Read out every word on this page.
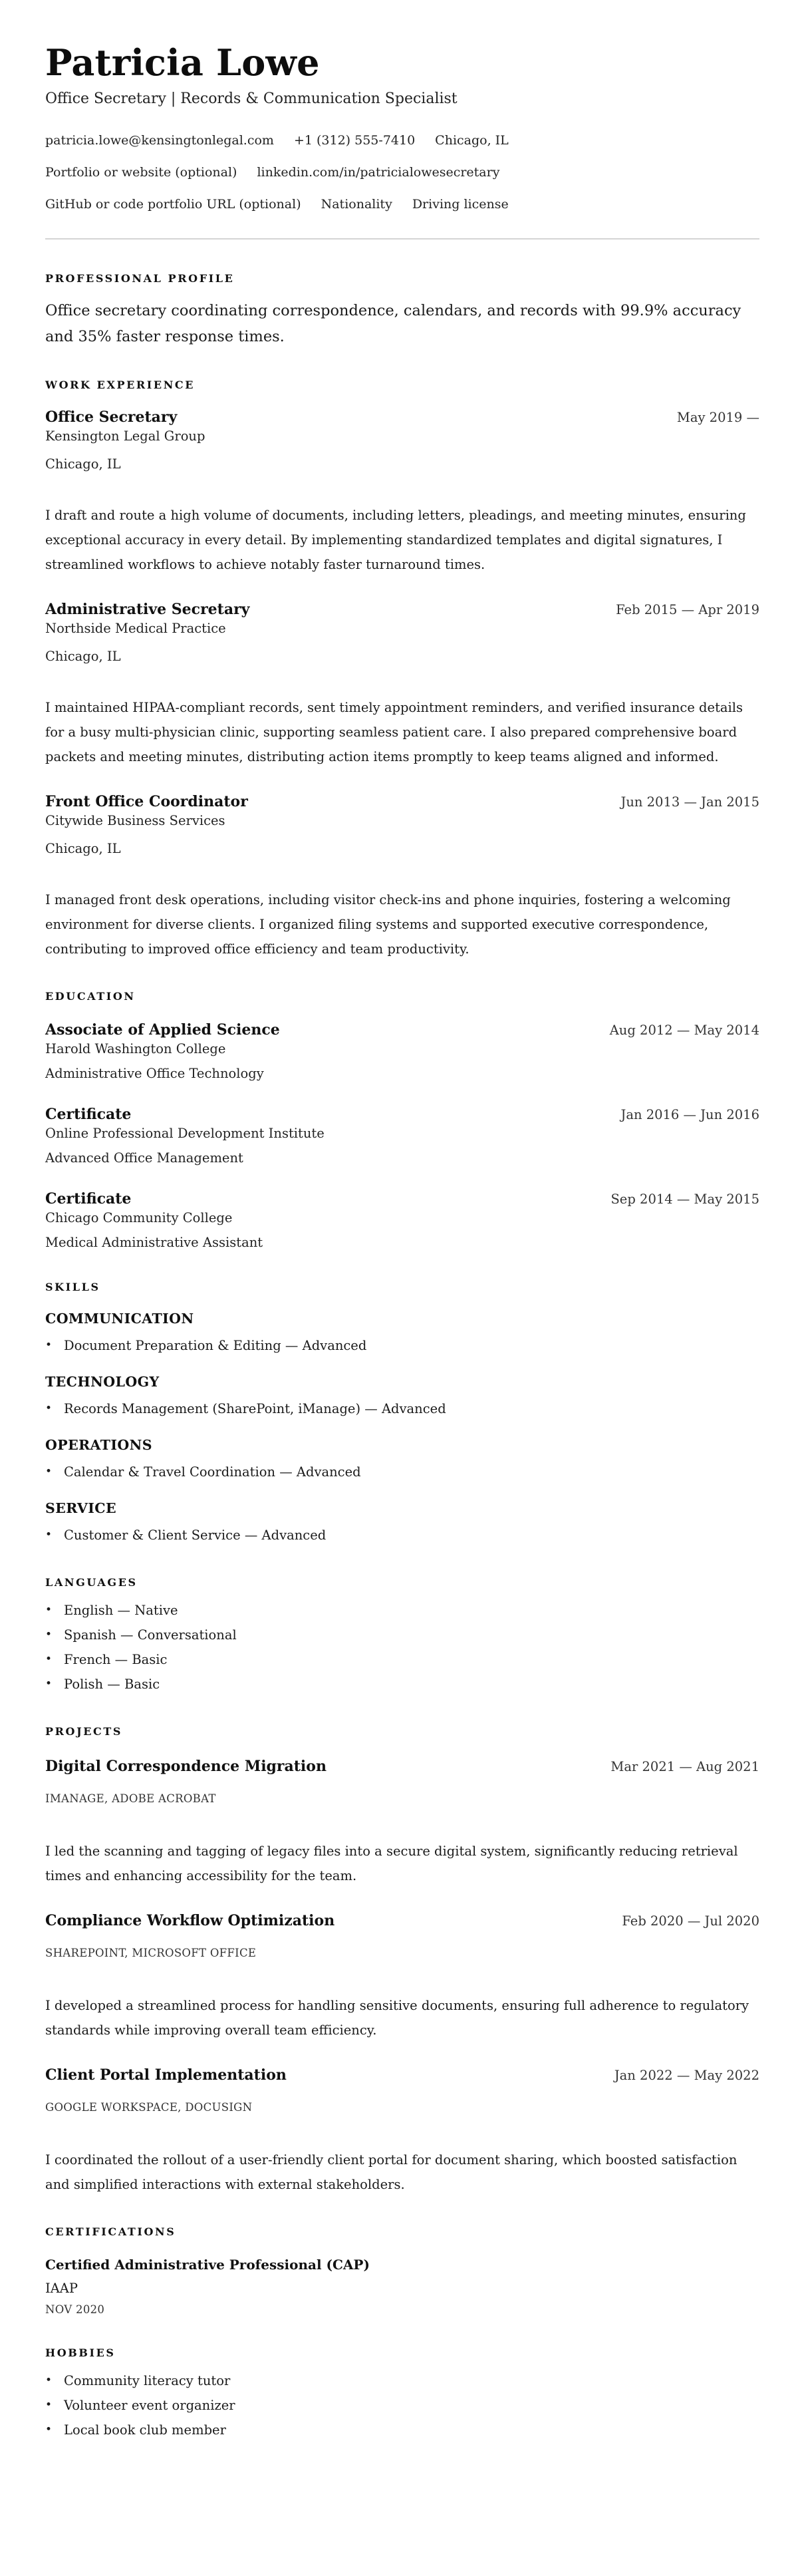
Patricia Lowe
Office Secretary | Records & Communication Specialist
patricia.lowe@kensingtonlegal.com +1 (312) 555-7410 Chicago, IL
Portfolio or website (optional) linkedin.com/in/patricialowesecretary
GitHub or code portfolio URL (optional) Nationality Driving license
PROFESSIONAL PROFILE

Office secretary coordinating correspondence, calendars, and records with 99.9% accuracy and 35% faster response times.

WORK EXPERIENCE
Office Secretary	May 2019 —
Kensington Legal Group
Chicago, IL

I draft and route a high volume of documents, including letters, pleadings, and meeting minutes, ensuring exceptional accuracy in every detail. By implementing standardized templates and digital signatures, I streamlined workflows to achieve notably faster turnaround times.

Administrative Secretary	Feb 2015 — Apr 2019
Northside Medical Practice
Chicago, IL

I maintained HIPAA-compliant records, sent timely appointment reminders, and verified insurance details for a busy multi-physician clinic, supporting seamless patient care. I also prepared comprehensive board packets and meeting minutes, distributing action items promptly to keep teams aligned and informed.

Front Office Coordinator	Jun 2013 — Jan 2015
Citywide Business Services
Chicago, IL

I managed front desk operations, including visitor check-ins and phone inquiries, fostering a welcoming environment for diverse clients. I organized filing systems and supported executive correspondence, contributing to improved office efficiency and team productivity.

EDUCATION
Associate of Applied Science	Aug 2012 — May 2014
Harold Washington College
Administrative Office Technology
Certificate	Jan 2016 — Jun 2016
Online Professional Development Institute
Advanced Office Management
Certificate	Sep 2014 — May 2015
Chicago Community College
Medical Administrative Assistant
SKILLS
COMMUNICATION
• Document Preparation & Editing — Advanced
TECHNOLOGY
• Records Management (SharePoint, iManage) — Advanced
OPERATIONS
• Calendar & Travel Coordination — Advanced
SERVICE
• Customer & Client Service — Advanced
LANGUAGES
• English — Native
• Spanish — Conversational
• French — Basic
• Polish — Basic
PROJECTS
Digital Correspondence Migration	Mar 2021 — Aug 2021
IMANAGE, ADOBE ACROBAT

I led the scanning and tagging of legacy files into a secure digital system, significantly reducing retrieval times and enhancing accessibility for the team.

Compliance Workflow Optimization	Feb 2020 — Jul 2020
SHAREPOINT, MICROSOFT OFFICE

I developed a streamlined process for handling sensitive documents, ensuring full adherence to regulatory standards while improving overall team efficiency.

Client Portal Implementation	Jan 2022 — May 2022
GOOGLE WORKSPACE, DOCUSIGN

I coordinated the rollout of a user-friendly client portal for document sharing, which boosted satisfaction and simplified interactions with external stakeholders.

CERTIFICATIONS
Certified Administrative Professional (CAP)
IAAP
NOV 2020
HOBBIES
• Community literacy tutor
• Volunteer event organizer
• Local book club member
